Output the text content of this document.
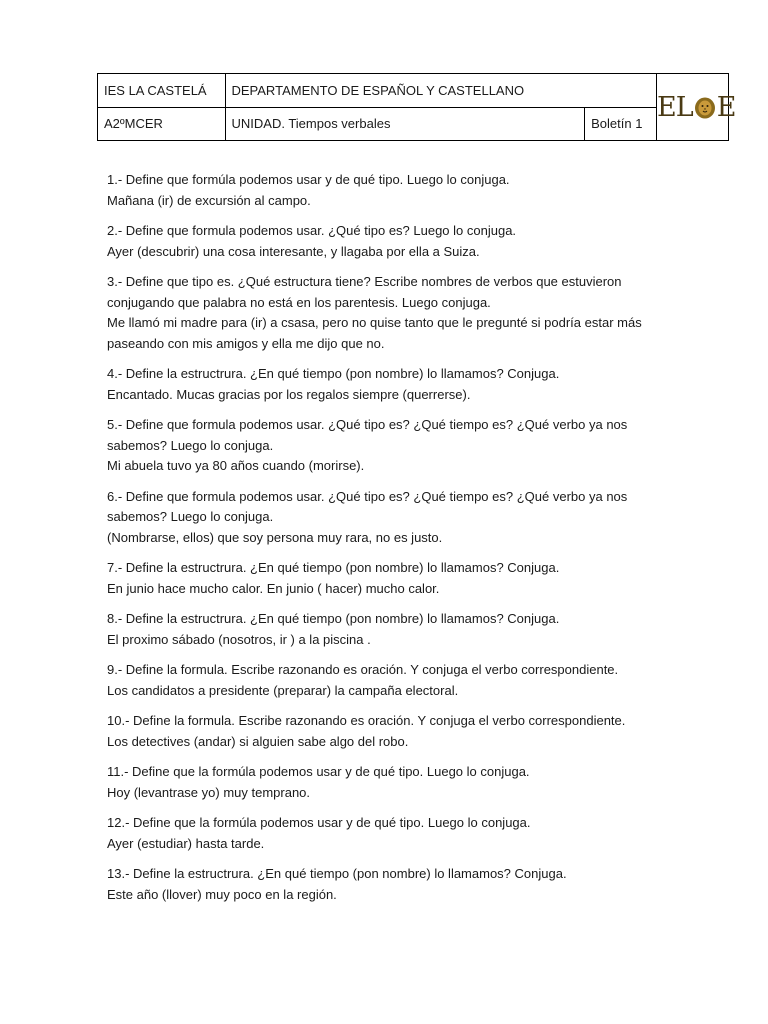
IES LA CASTELÁ	DEPARTAMENTO DE ESPAÑOL Y CASTELLANO		EL E

A2ºMCER	UNIDAD. Tiempos verbales	Boletín 1	

1.- Define que formúla podemos usar y de qué tipo. Luego lo conjuga.

Mañana (ir) de excursión al campo.

2.- Define que formula podemos usar. ¿Qué tipo es? Luego lo conjuga.

Ayer (descubrir) una cosa interesante, y llagaba por ella a Suiza.

3.- Define que tipo es. ¿Qué estructura tiene? Escribe nombres de verbos que estuvieron

conjugando que palabra no está en los parentesis. Luego conjuga.

Me llamó mi madre para (ir) a csasa, pero no quise tanto que le pregunté si podría estar más

paseando con mis amigos y ella me dijo que no.

4.- Define la estructrura. ¿En qué tiempo (pon nombre) lo llamamos? Conjuga.

Encantado. Mucas gracias por los regalos siempre (querrerse).

5.- Define que formula podemos usar. ¿Qué tipo es? ¿Qué tiempo es? ¿Qué verbo ya nos

sabemos? Luego lo conjuga.

Mi abuela tuvo ya 80 años cuando (morirse).

6.- Define que formula podemos usar. ¿Qué tipo es? ¿Qué tiempo es? ¿Qué verbo ya nos

sabemos? Luego lo conjuga.

(Nombrarse, ellos) que soy persona muy rara, no es justo.

7.- Define la estructrura. ¿En qué tiempo (pon nombre) lo llamamos? Conjuga.

En junio hace mucho calor. En junio ( hacer) mucho calor.

8.- Define la estructrura. ¿En qué tiempo (pon nombre) lo llamamos? Conjuga.

El proximo sábado (nosotros, ir ) a la piscina .

9.- Define la formula. Escribe razonando es oración. Y conjuga el verbo correspondiente.

Los candidatos a presidente (preparar) la campaña electoral.

10.- Define la formula. Escribe razonando es oración. Y conjuga el verbo correspondiente.

Los detectives (andar) si alguien sabe algo del robo.

11.- Define que la formúla podemos usar y de qué tipo. Luego lo conjuga.

Hoy (levantrase yo) muy temprano.

12.- Define que la formúla podemos usar y de qué tipo. Luego lo conjuga.

Ayer (estudiar) hasta tarde.

13.- Define la estructrura. ¿En qué tiempo (pon nombre) lo llamamos? Conjuga.

Este año (llover) muy poco en la región.
